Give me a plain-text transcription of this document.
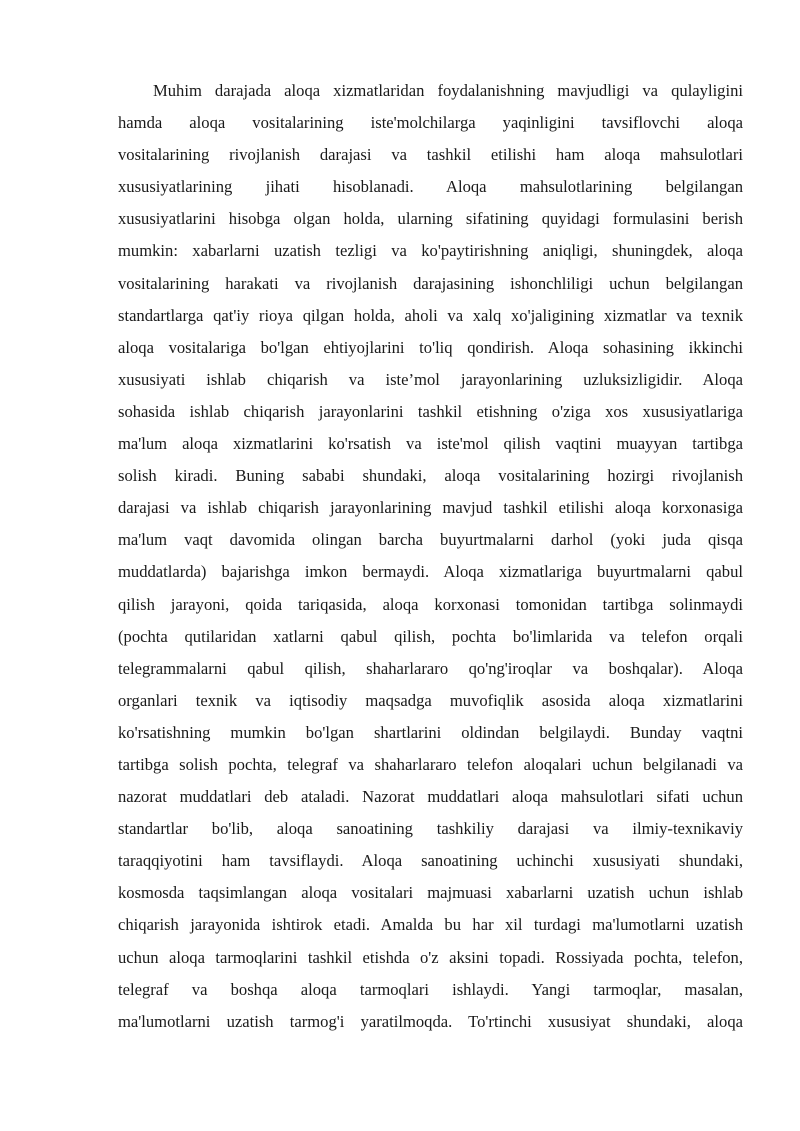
Muhim darajada aloqa xizmatlaridan foydalanishning mavjudligi va qulayligini
hamda aloqa vositalarining iste'molchilarga yaqinligini tavsiflovchi aloqa
vositalarining rivojlanish darajasi va tashkil etilishi ham aloqa mahsulotlari
xususiyatlarining jihati hisoblanadi. Aloqa mahsulotlarining belgilangan
xususiyatlarini hisobga olgan holda, ularning sifatining quyidagi formulasini berish
mumkin: xabarlarni uzatish tezligi va ko'paytirishning aniqligi, shuningdek, aloqa
vositalarining harakati va rivojlanish darajasining ishonchliligi uchun belgilangan
standartlarga qat'iy rioya qilgan holda, aholi va xalq xo'jaligining xizmatlar va texnik
aloqa vositalariga bo'lgan ehtiyojlarini to'liq qondirish. Aloqa sohasining ikkinchi
xususiyati ishlab chiqarish va iste’mol jarayonlarining uzluksizligidir. Aloqa
sohasida ishlab chiqarish jarayonlarini tashkil etishning o'ziga xos xususiyatlariga
ma'lum aloqa xizmatlarini ko'rsatish va iste'mol qilish vaqtini muayyan tartibga
solish kiradi. Buning sababi shundaki, aloqa vositalarining hozirgi rivojlanish
darajasi va ishlab chiqarish jarayonlarining mavjud tashkil etilishi aloqa korxonasiga
ma'lum vaqt davomida olingan barcha buyurtmalarni darhol (yoki juda qisqa
muddatlarda) bajarishga imkon bermaydi. Aloqa xizmatlariga buyurtmalarni qabul
qilish jarayoni, qoida tariqasida, aloqa korxonasi tomonidan tartibga solinmaydi
(pochta qutilaridan xatlarni qabul qilish, pochta bo'limlarida va telefon orqali
telegrammalarni qabul qilish, shaharlararo qo'ng'iroqlar va boshqalar). Aloqa
organlari texnik va iqtisodiy maqsadga muvofiqlik asosida aloqa xizmatlarini
ko'rsatishning mumkin bo'lgan shartlarini oldindan belgilaydi. Bunday vaqtni
tartibga solish pochta, telegraf va shaharlararo telefon aloqalari uchun belgilanadi va
nazorat muddatlari deb ataladi. Nazorat muddatlari aloqa mahsulotlari sifati uchun
standartlar bo'lib, aloqa sanoatining tashkiliy darajasi va ilmiy-texnikaviy
taraqqiyotini ham tavsiflaydi. Aloqa sanoatining uchinchi xususiyati shundaki,
kosmosda taqsimlangan aloqa vositalari majmuasi xabarlarni uzatish uchun ishlab
chiqarish jarayonida ishtirok etadi. Amalda bu har xil turdagi ma'lumotlarni uzatish
uchun aloqa tarmoqlarini tashkil etishda o'z aksini topadi. Rossiyada pochta, telefon,
telegraf va boshqa aloqa tarmoqlari ishlaydi. Yangi tarmoqlar, masalan,
ma'lumotlarni uzatish tarmog'i yaratilmoqda. To'rtinchi xususiyat shundaki, aloqa
